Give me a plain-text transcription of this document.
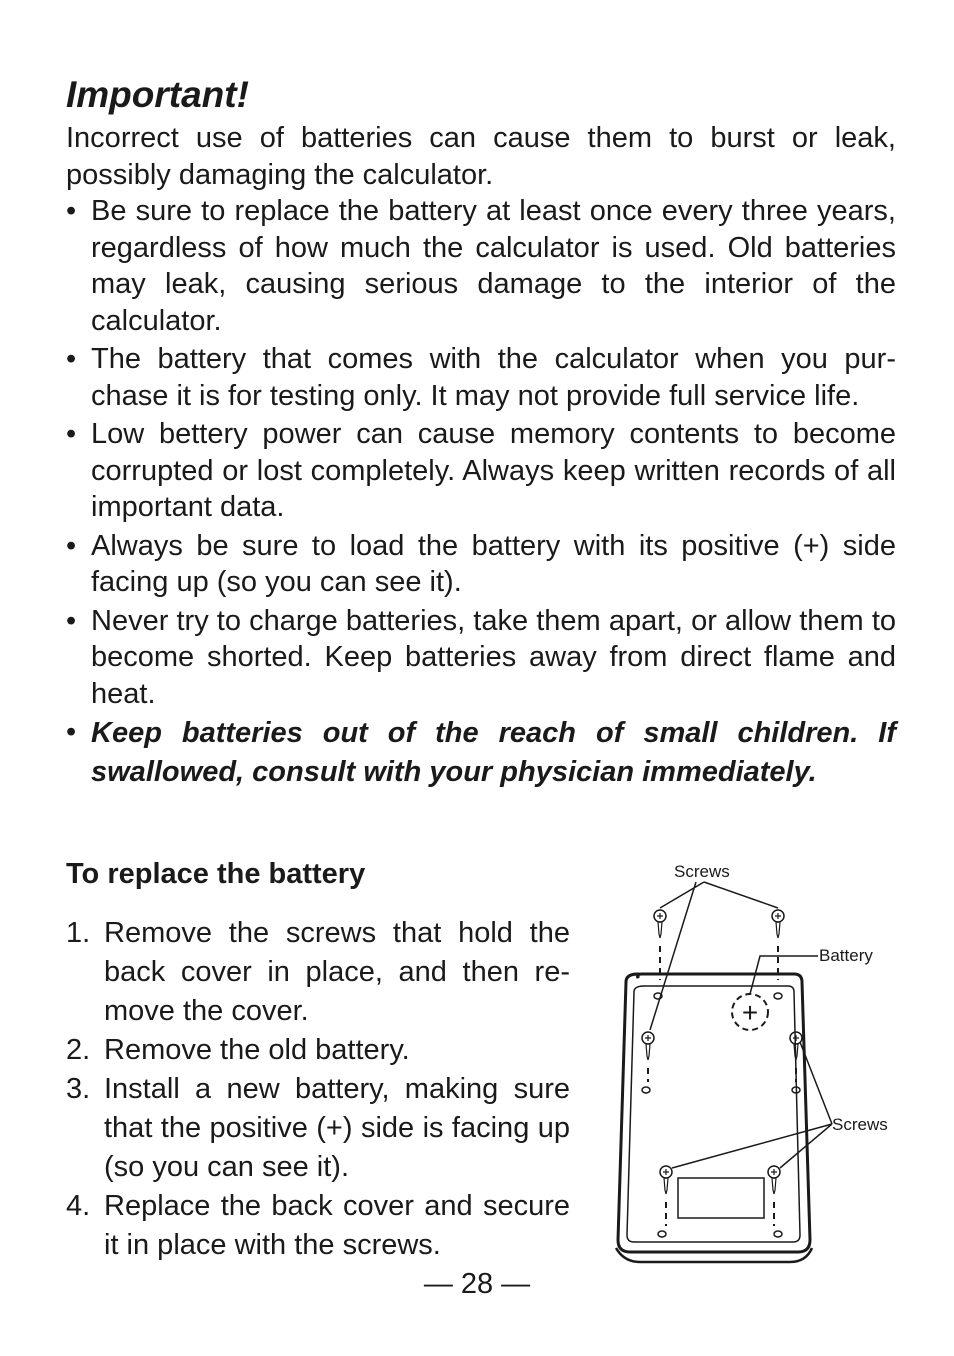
Important!

Incorrect use of batteries can cause them to burst or leak, possibly damaging the calculator.

• Be sure to replace the battery at least once every three years, regardless of how much the calculator is used. Old batteries may leak, causing serious damage to the interior of the calculator.
• The battery that comes with the calculator when you pur-chase it is for testing only. It may not provide full service life.
• Low bettery power can cause memory contents to become corrupted or lost completely. Always keep written records of all important data.
• Always be sure to load the battery with its positive (+) side facing up (so you can see it).
• Never try to charge batteries, take them apart, or allow them to become shorted. Keep batteries away from direct flame and heat.
• Keep batteries out of the reach of small children. If swallowed, consult with your physician immediately.
To replace the battery
1. Remove the screws that hold the back cover in place, and then re-move the cover.
2. Remove the old battery.
3. Install a new battery, making sure that the positive (+) side is facing up (so you can see it).
4. Replace the back cover and secure it in place with the screws.
+
Screws
Battery
Screws
— 28 —
